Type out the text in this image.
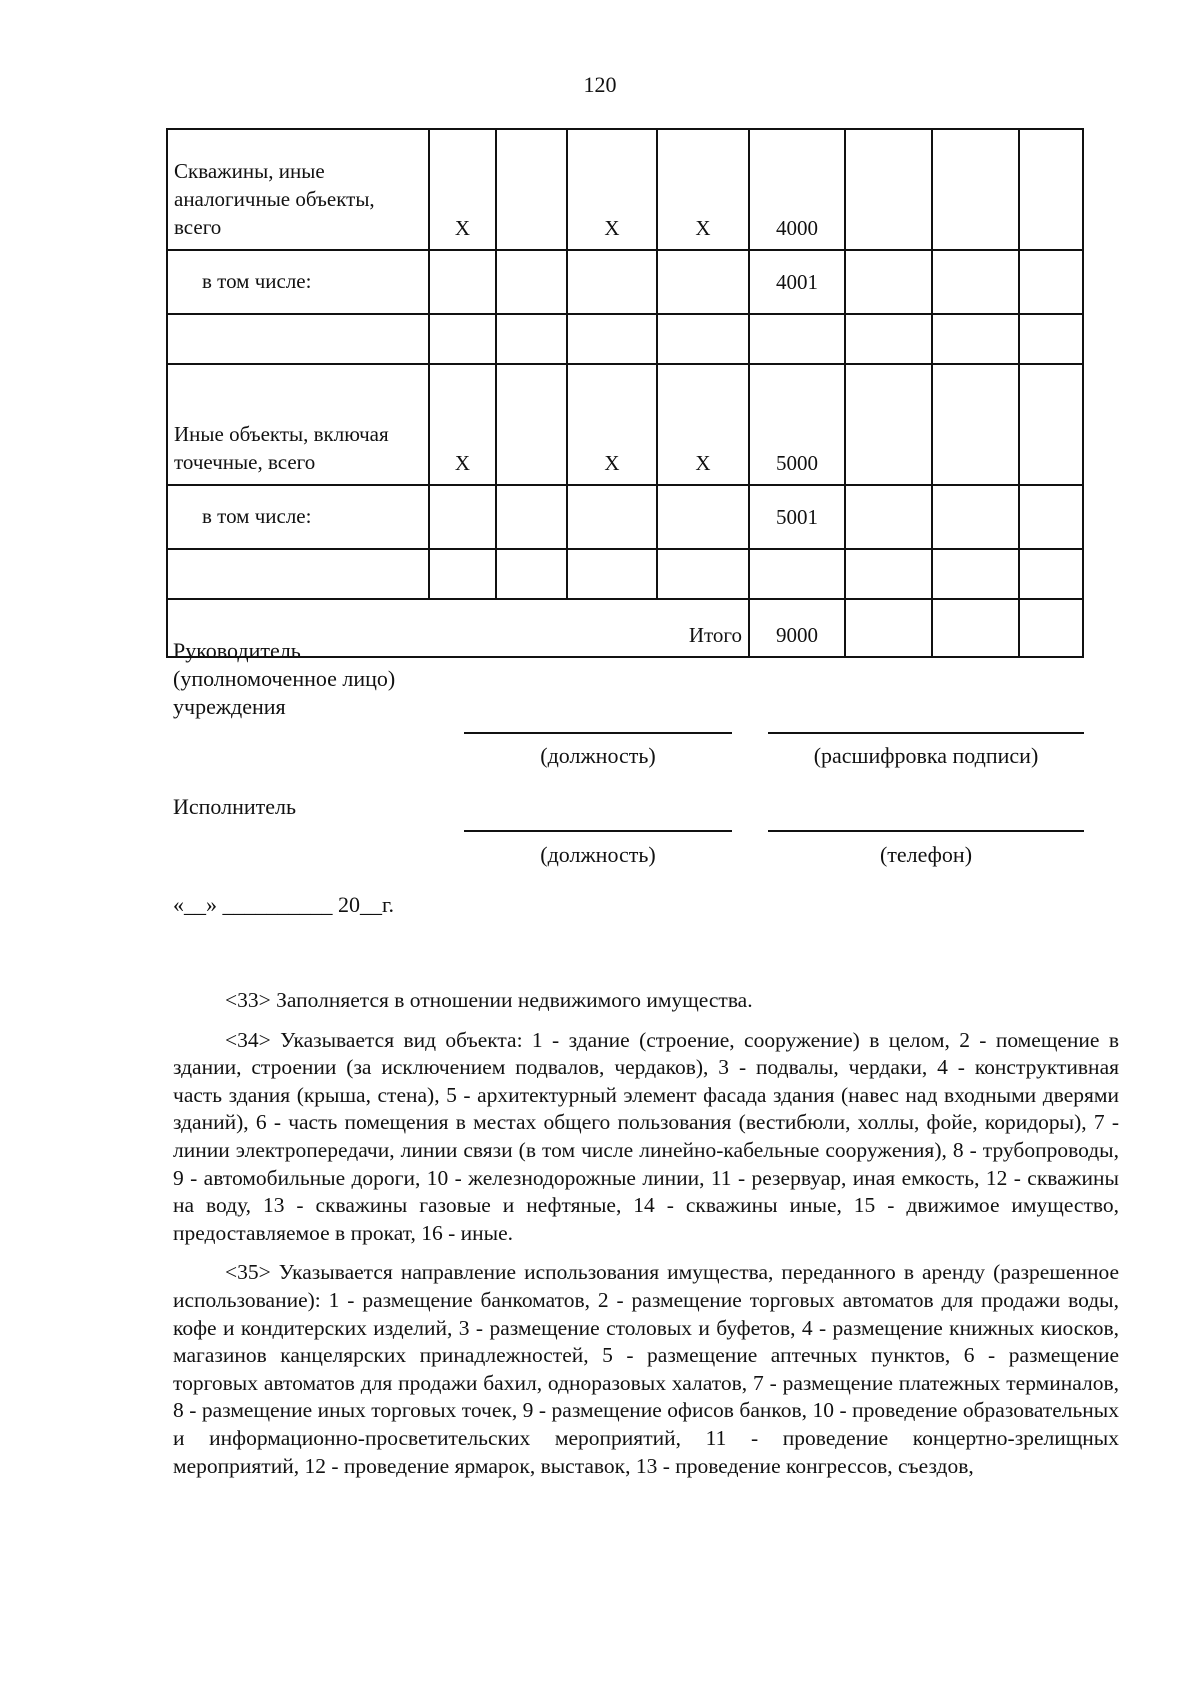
120
Скважины, иные аналогичные объекты, всего	X		X	X	4000			
в том числе:					4001			

Иные объекты, включая точечные, всего	X		X	X	5000			
в том числе:					5001			

Итого					9000			
Руководитель
(уполномоченное лицо)
учреждения
(должность)	(расшифровка подписи)
Исполнитель
(должность)	(телефон)
«__» __________ 20__г.

<33> Заполняется в отношении недвижимого имущества.

<34> Указывается вид объекта: 1 - здание (строение, сооружение) в целом, 2 - помещение в здании, строении (за исключением подвалов, чердаков), 3 - подвалы, чердаки, 4 - конструктивная часть здания (крыша, стена), 5 - архитектурный элемент фасада здания (навес над входными дверями зданий), 6 - часть помещения в местах общего пользования (вестибюли, холлы, фойе, коридоры), 7 - линии электропередачи, линии связи (в том числе линейно-кабельные сооружения), 8 - трубопроводы, 9 - автомобильные дороги, 10 - железнодорожные линии, 11 - резервуар, иная емкость, 12 - скважины на воду, 13 - скважины газовые и нефтяные, 14 - скважины иные, 15 - движимое имущество, предоставляемое в прокат, 16 - иные.

<35> Указывается направление использования имущества, переданного в аренду (разрешенное использование): 1 - размещение банкоматов, 2 - размещение торговых автоматов для продажи воды, кофе и кондитерских изделий, 3 - размещение столовых и буфетов, 4 - размещение книжных киосков, магазинов канцелярских принадлежностей, 5 - размещение аптечных пунктов, 6 - размещение торговых автоматов для продажи бахил, одноразовых халатов, 7 - размещение платежных терминалов, 8 - размещение иных торговых точек, 9 - размещение офисов банков, 10 - проведение образовательных и информационно-просветительских мероприятий, 11 - проведение концертно-зрелищных мероприятий, 12 - проведение ярмарок, выставок, 13 - проведение конгрессов, съездов,
